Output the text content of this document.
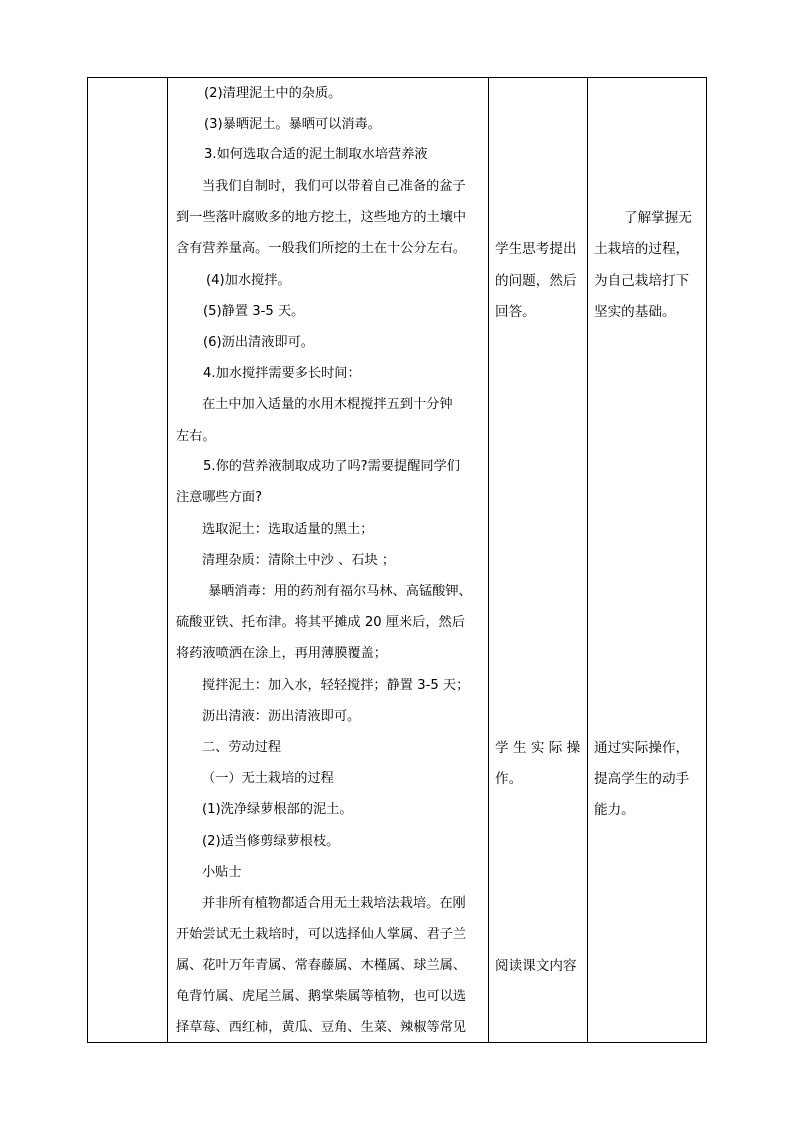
(2)清理泥土中的杂质。
(3)暴晒泥土。暴晒可以消毒。
3.如何选取合适的泥土制取水培营养液
当我们自制时，我们可以带着自己准备的盆子
到一些落叶腐败多的地方挖土，这些地方的土壤中
含有营养量高。一般我们所挖的土在十公分左右。
(4)加水搅拌。
(5)静置 3-5 天。
(6)沥出清液即可。
4.加水搅拌需要多长时间：
在土中加入适量的水用木棍搅拌五到十分钟
左右。
5.你的营养液制取成功了吗?需要提醒同学们
注意哪些方面?
选取泥土：选取适量的黑土；
清理杂质：清除土中沙 、石块 ；
暴晒消毒：用的药剂有福尔马林、高锰酸钾、
硫酸亚铁、托布津。将其平摊成 20 厘米后，然后
将药液喷洒在涂上，再用薄膜覆盖；
搅拌泥土：加入水，轻轻搅拌；静置 3-5 天；
沥出清液：沥出清液即可。
二、劳动过程
（一）无土栽培的过程
(1)洗净绿萝根部的泥土。
(2)适当修剪绿萝根枝。
小贴士
并非所有植物都适合用无土栽培法栽培。在刚
开始尝试无土栽培时，可以选择仙人掌属、君子兰
属、花叶万年青属、常春藤属、木槿属、球兰属、
龟背竹属、虎尾兰属、鹅掌柴属等植物，也可以选
择草莓、西红柿，黄瓜、豆角、生菜、辣椒等常见
学生思考提出
的问题，然后
回答。
学 生 实 际 操
作。
阅读课文内容
了解掌握无
土栽培的过程，
为自己栽培打下
坚实的基础。
通过实际操作，
提高学生的动手
能力。
